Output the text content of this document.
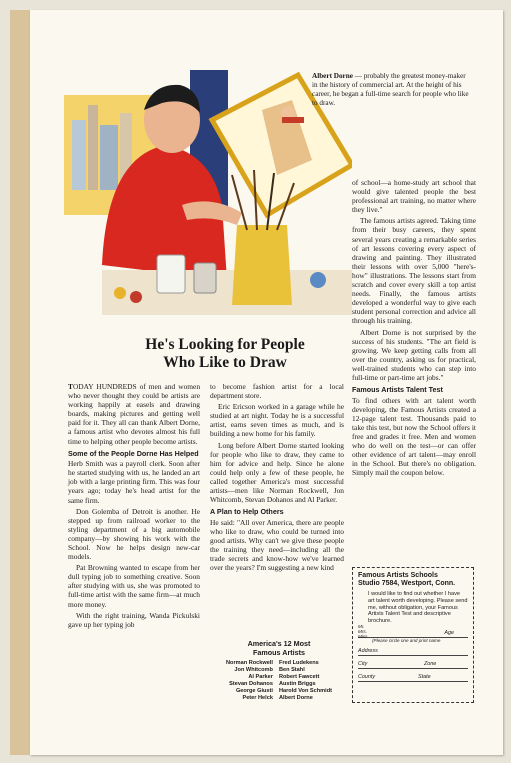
Albert Dorne — probably the greatest money-maker in the history of commercial art. At the height of his career, he began a full-time search for people who like to draw.
He's Looking for People
Who Like to Draw

TODAY HUNDREDS of men and women who never thought they could be artists are working happily at easels and drawing boards, making pictures and getting well paid for it. They all can thank Albert Dorne, a famous artist who devotes almost his full time to helping other people become artists.

Some of the People Dorne Has Helped

Herb Smith was a payroll clerk. Soon after he started studying with us, he landed an art job with a large printing firm. This was four years ago; today he's head artist for the same firm.

Don Golemba of Detroit is another. He stepped up from railroad worker to the styling department of a big automobile company—by showing his work with the School. Now he helps design new-car models.

Pat Browning wanted to escape from her dull typing job to something creative. Soon after studying with us, she was promoted to full-time artist with the same firm—at much more money.

With the right training, Wanda Pickulski gave up her typing job

to become fashion artist for a local department store.

Eric Ericson worked in a garage while he studied at art night. Today he is a successful artist, earns seven times as much, and is building a new home for his family.

Long before Albert Dorne started looking for people who like to draw, they came to him for advice and help. Since he alone could help only a few of these people, he called together America's most successful artists—men like Norman Rockwell, Jon Whitcomb, Stevan Dohanos and Al Parker.

A Plan to Help Others

He said: "All over America, there are people who like to draw, who could be turned into good artists. Why can't we give these people the training they need—including all the trade secrets and know-how we've learned over the years? I'm suggesting a new kind

America's 12 Most
Famous Artists
Norman Rockwell	Fred Ludekens
Jon Whitcomb	Ben Stahl
Al Parker	Robert Fawcett
Stevan Dohanos	Austin Briggs
George Giusti	Harold Von Schmidt
Peter Helck	Albert Dorne

of school—a home-study art school that would give talented people the best professional art training, no matter where they live."

The famous artists agreed. Taking time from their busy careers, they spent several years creating a remarkable series of art lessons covering every aspect of drawing and painting. They illustrated their lessons with over 5,000 "here's-how" illustrations. The lessons start from scratch and cover every skill a top artist needs. Finally, the famous artists developed a wonderful way to give each student personal correction and advice all through his training.

Albert Dorne is not surprised by the success of his students. "The art field is growing. We keep getting calls from all over the country, asking us for practical, well-trained students who can step into full-time or part-time art jobs."

Famous Artists Talent Test

To find others with art talent worth developing, the Famous Artists created a 12-page talent test. Thousands paid to take this test, but now the School offers it free and grades it free. Men and women who do well on the test—or can offer other evidence of art talent—may enroll in the School. But there's no obligation. Simply mail the coupon below.

Famous Artists Schools
Studio 7584, Westport, Conn.
I would like to find out whether I have art talent worth developing. Please send me, without obligation, your Famous Artists Talent Test and descriptive brochure.
Mr.
Mrs.
Miss
Age
(Please circle one and print name
Address
City	Zone
County	State
